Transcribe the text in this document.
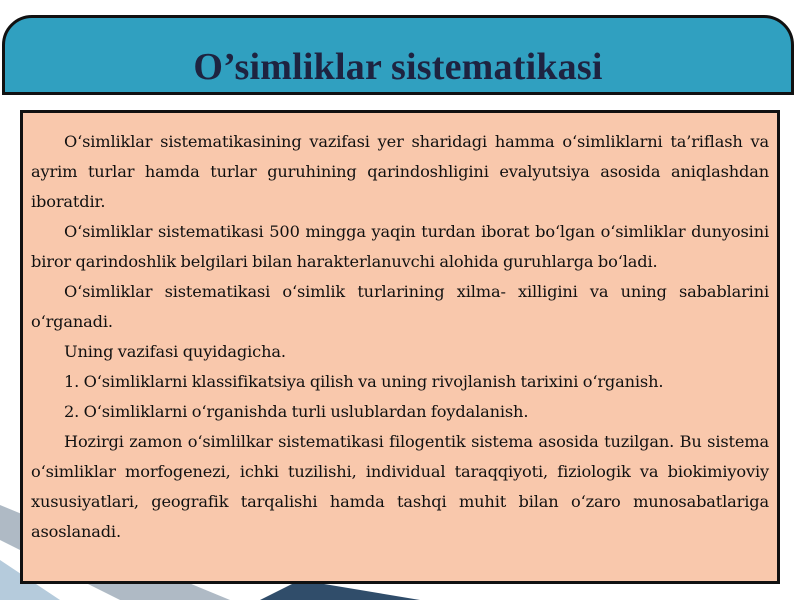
O’simliklar sistematikasi

O‘simliklar sistematikasining vazifasi yer sharidagi hamma o‘simliklarni ta’riflash va ayrim turlar hamda turlar guruhining qarindoshligini evalyutsiya asosida aniqlashdan iboratdir.

O‘simliklar sistematikasi 500 mingga yaqin turdan iborat bo‘lgan o‘simliklar dunyosini biror qarindoshlik belgilari bilan harakterlanuvchi alohida guruhlarga bo‘ladi.

O‘simliklar sistematikasi o‘simlik turlarining xilma- xilligini va uning sabablarini o‘rganadi.

Uning vazifasi quyidagicha.

1. O‘simliklarni klassifikatsiya qilish va uning rivojlanish tarixini o‘rganish.

2. O‘simliklarni o‘rganishda turli uslublardan foydalanish.

Hozirgi zamon o‘simlilkar sistematikasi filogentik sistema asosida tuzilgan. Bu sistema o‘simliklar morfogenezi, ichki tuzilishi, individual taraqqiyoti, fiziologik va biokimiyoviy xususiyatlari, geografik tarqalishi hamda tashqi muhit bilan o‘zaro munosabatlariga asoslanadi.
